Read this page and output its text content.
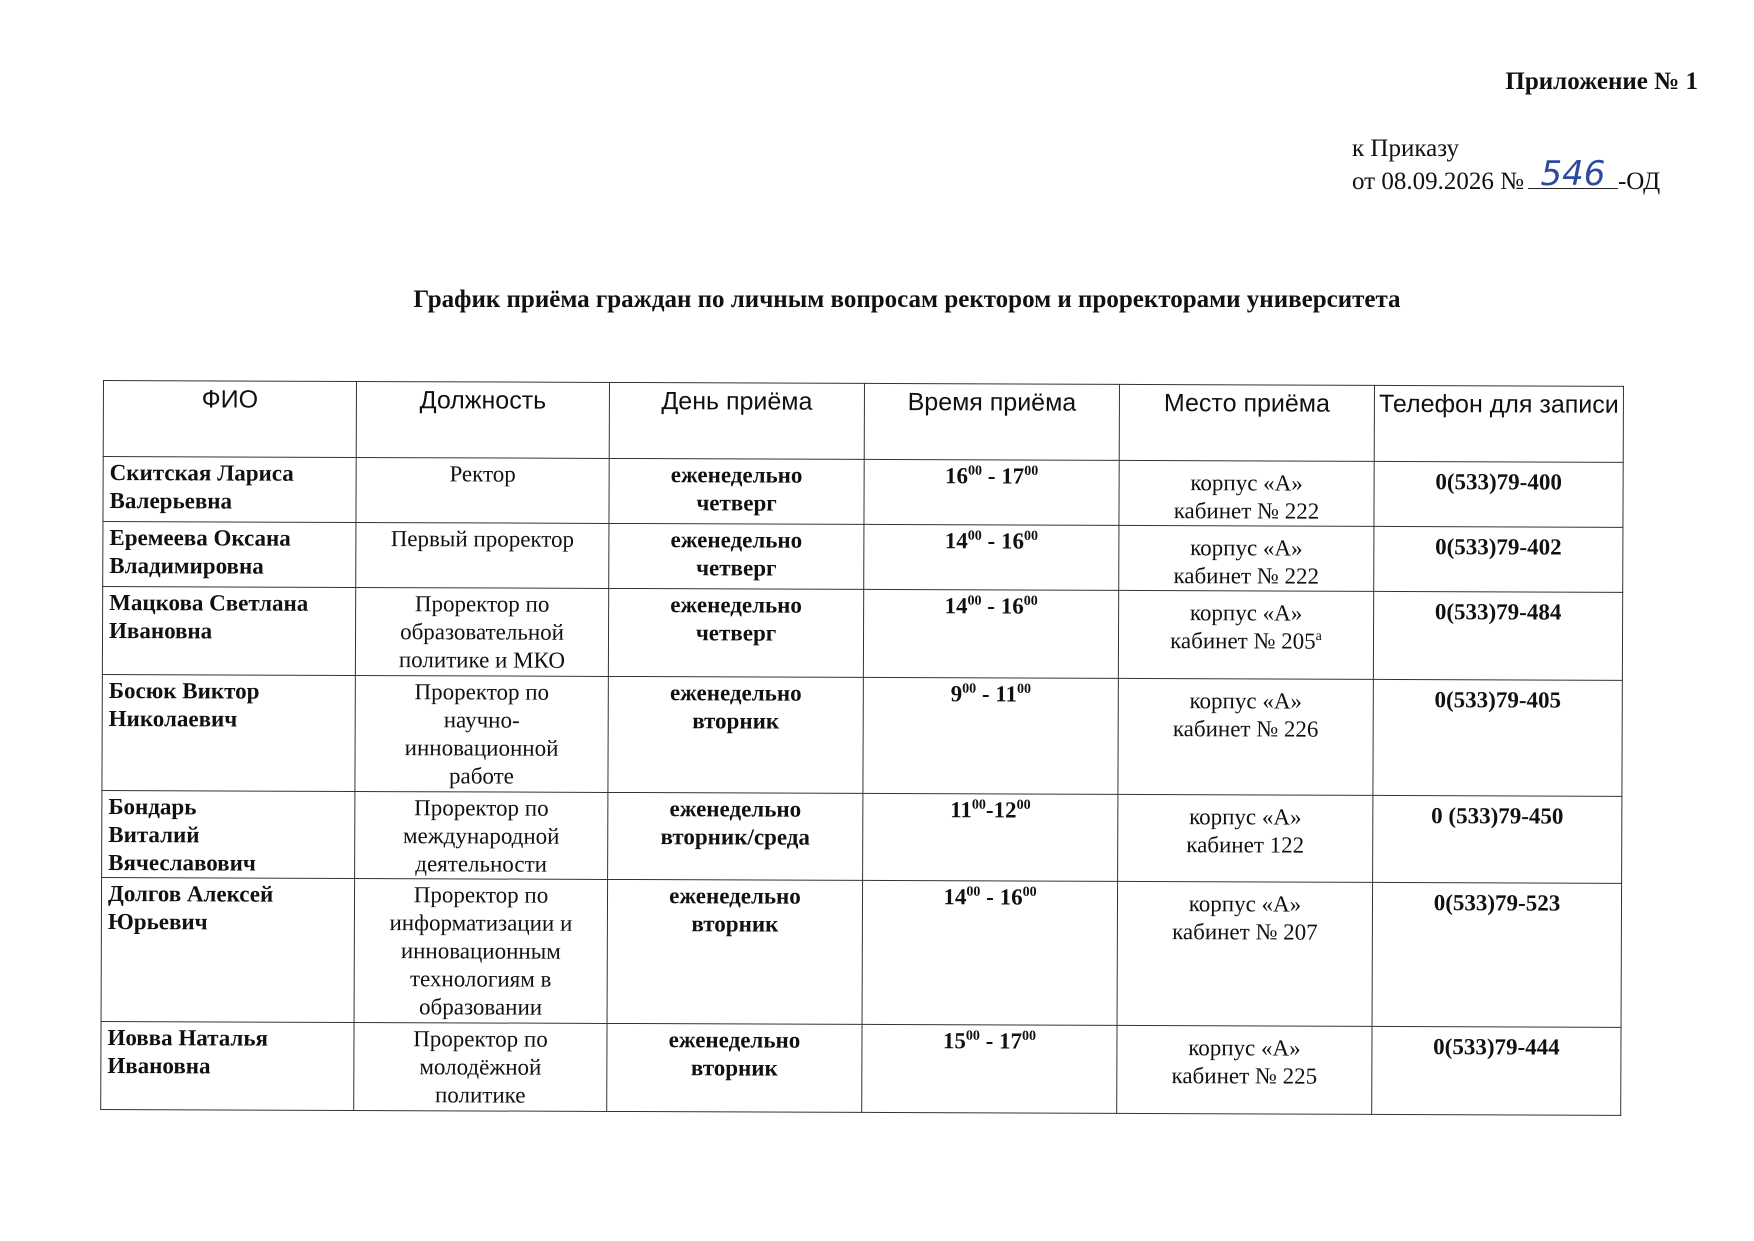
Приложение № 1
к Приказу
от 08.09.2026 № 546 -ОД
График приёма граждан по личным вопросам ректором и проректорами университета
ФИО	Должность	День приёма	Время приёма	Место приёма	Телефон для записи

Скитская Лариса
Валерьевна	Ректор	еженедельно
четверг	$16^{00} - 17^{00}$	корпус «А»
кабинет № 222	0(533)79-400

Еремеева Оксана
Владимировна	Первый проректор	еженедельно
четверг	$14^{00} - 16^{00}$	корпус «А»
кабинет № 222	0(533)79-402

Мацкова Светлана
Ивановна	Проректор по
образовательной
политике и МКО	еженедельно
четверг	$14^{00} - 16^{00}$	корпус «А»
кабинет № $205^а$	0(533)79-484

Босюк Виктор
Николаевич	Проректор по
научно-
инновационной
работе	еженедельно
вторник	$9^{00} - 11^{00}$	корпус «А»
кабинет № 226	0(533)79-405

Бондарь
Виталий
Вячеславович	Проректор по
международной
деятельности	еженедельно
вторник/среда	$11^{00}-12^{00}$	корпус «А»
кабинет 122	0 (533)79-450

Долгов Алексей
Юрьевич	Проректор по
информатизации и
инновационным
технологиям в
образовании	еженедельно
вторник	$14^{00} - 16^{00}$	корпус «А»
кабинет № 207	0(533)79-523

Иовва Наталья
Ивановна	Проректор по
молодёжной
политике	еженедельно
вторник	$15^{00} - 17^{00}$	корпус «А»
кабинет № 225	0(533)79-444
